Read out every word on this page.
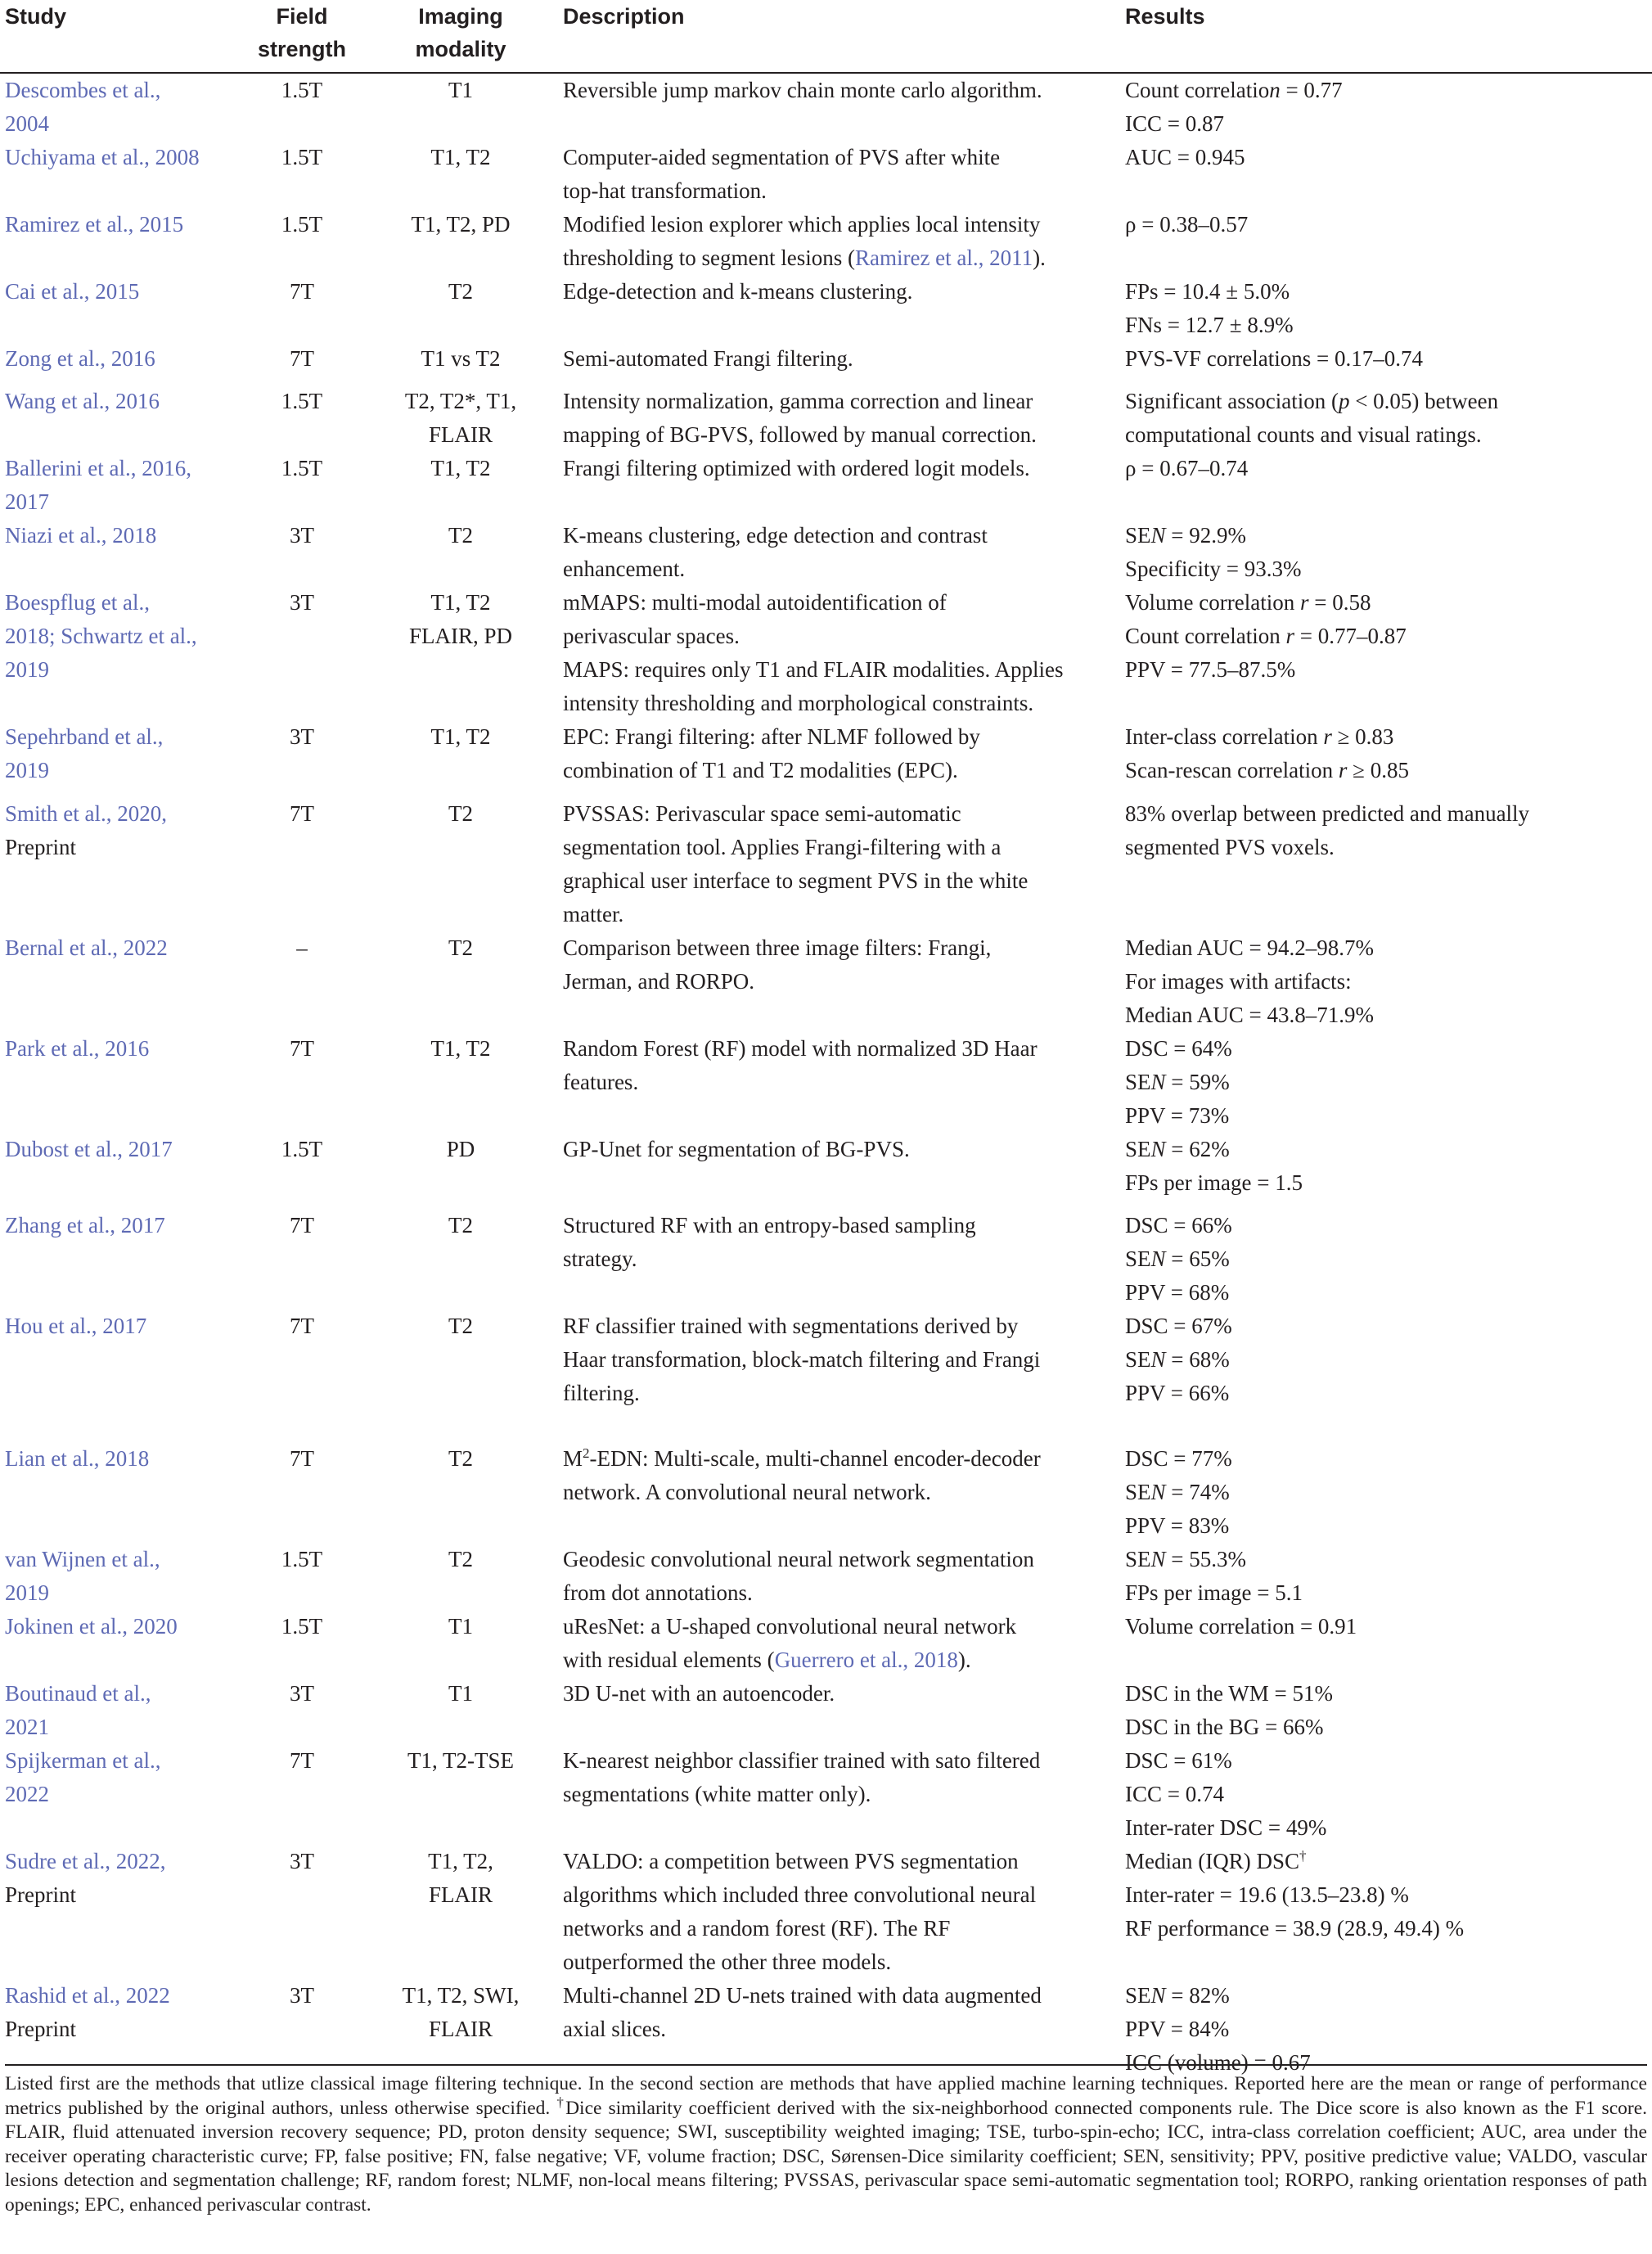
Study	Field
strength	Imaging
modality	Description	Results

Descombes et al.,
2004	1.5T	T1	Reversible jump markov chain monte carlo algorithm.	Count correlation = 0.77
ICC = 0.87

Uchiyama et al., 2008	1.5T	T1, T2	Computer-aided segmentation of PVS after white
top-hat transformation.	AUC = 0.945

Ramirez et al., 2015	1.5T	T1, T2, PD	Modified lesion explorer which applies local intensity
thresholding to segment lesions (Ramirez et al., 2011).	ρ = 0.38–0.57

Cai et al., 2015	7T	T2	Edge-detection and k-means clustering.	FPs = 10.4 ± 5.0%
FNs = 12.7 ± 8.9%

Zong et al., 2016	7T	T1 vs T2	Semi-automated Frangi filtering.	PVS-VF correlations = 0.17–0.74

Wang et al., 2016	1.5T	T2, T2*, T1,
FLAIR	Intensity normalization, gamma correction and linear
mapping of BG-PVS, followed by manual correction.	Significant association (p < 0.05) between
computational counts and visual ratings.

Ballerini et al., 2016,
2017	1.5T	T1, T2	Frangi filtering optimized with ordered logit models.	ρ = 0.67–0.74

Niazi et al., 2018	3T	T2	K-means clustering, edge detection and contrast
enhancement.	SEN = 92.9%
Specificity = 93.3%

Boespflug et al.,
2018; Schwartz et al.,
2019	3T	T1, T2
FLAIR, PD	mMAPS: multi-modal autoidentification of
perivascular spaces.
MAPS: requires only T1 and FLAIR modalities. Applies
intensity thresholding and morphological constraints.	Volume correlation r = 0.58
Count correlation r = 0.77–0.87
PPV = 77.5–87.5%

Sepehrband et al.,
2019	3T	T1, T2	EPC: Frangi filtering: after NLMF followed by
combination of T1 and T2 modalities (EPC).	Inter-class correlation r ≥ 0.83
Scan-rescan correlation r ≥ 0.85

Smith et al., 2020,
Preprint	7T	T2	PVSSAS: Perivascular space semi-automatic
segmentation tool. Applies Frangi-filtering with a
graphical user interface to segment PVS in the white
matter.	83% overlap between predicted and manually
segmented PVS voxels.

Bernal et al., 2022	–	T2	Comparison between three image filters: Frangi,
Jerman, and RORPO.	Median AUC = 94.2–98.7%
For images with artifacts:
Median AUC = 43.8–71.9%

Park et al., 2016	7T	T1, T2	Random Forest (RF) model with normalized 3D Haar
features.	DSC = 64%
SEN = 59%
PPV = 73%

Dubost et al., 2017	1.5T	PD	GP-Unet for segmentation of BG-PVS.	SEN = 62%
FPs per image = 1.5

Zhang et al., 2017	7T	T2	Structured RF with an entropy-based sampling
strategy.	DSC = 66%
SEN = 65%
PPV = 68%

Hou et al., 2017	7T	T2	RF classifier trained with segmentations derived by
Haar transformation, block-match filtering and Frangi
filtering.	DSC = 67%
SEN = 68%
PPV = 66%

Lian et al., 2018	7T	T2	$M^2$-EDN: Multi-scale, multi-channel encoder-decoder
network. A convolutional neural network.	DSC = 77%
SEN = 74%
PPV = 83%

van Wijnen et al.,
2019	1.5T	T2	Geodesic convolutional neural network segmentation
from dot annotations.	SEN = 55.3%
FPs per image = 5.1

Jokinen et al., 2020	1.5T	T1	uResNet: a U-shaped convolutional neural network
with residual elements (Guerrero et al., 2018).	Volume correlation = 0.91

Boutinaud et al.,
2021	3T	T1	3D U-net with an autoencoder.	DSC in the WM = 51%
DSC in the BG = 66%

Spijkerman et al.,
2022	7T	T1, T2-TSE	K-nearest neighbor classifier trained with sato filtered
segmentations (white matter only).	DSC = 61%
ICC = 0.74
Inter-rater DSC = 49%

Sudre et al., 2022,
Preprint	3T	T1, T2,
FLAIR	VALDO: a competition between PVS segmentation
algorithms which included three convolutional neural
networks and a random forest (RF). The RF
outperformed the other three models.	Median (IQR) DSC†
Inter-rater = 19.6 (13.5–23.8) %
RF performance = 38.9 (28.9, 49.4) %

Rashid et al., 2022
Preprint	3T	T1, T2, SWI,
FLAIR	Multi-channel 2D U-nets trained with data augmented
axial slices.	SEN = 82%
PPV = 84%
ICC (volume) = 0.67
Listed first are the methods that utlize classical image filtering technique. In the second section are methods that have applied machine learning techniques. Reported here are the mean or range of performance metrics published by the original authors, unless otherwise specified. †Dice similarity coefficient derived with the six-neighborhood connected components rule. The Dice score is also known as the F1 score. FLAIR, fluid attenuated inversion recovery sequence; PD, proton density sequence; SWI, susceptibility weighted imaging; TSE, turbo-spin-echo; ICC, intra-class correlation coefficient; AUC, area under the receiver operating characteristic curve; FP, false positive; FN, false negative; VF, volume fraction; DSC, Sørensen-Dice similarity coefficient; SEN, sensitivity; PPV, positive predictive value; VALDO, vascular lesions detection and segmentation challenge; RF, random forest; NLMF, non-local means filtering; PVSSAS, perivascular space semi-automatic segmentation tool; RORPO, ranking orientation responses of path openings; EPC, enhanced perivascular contrast.
